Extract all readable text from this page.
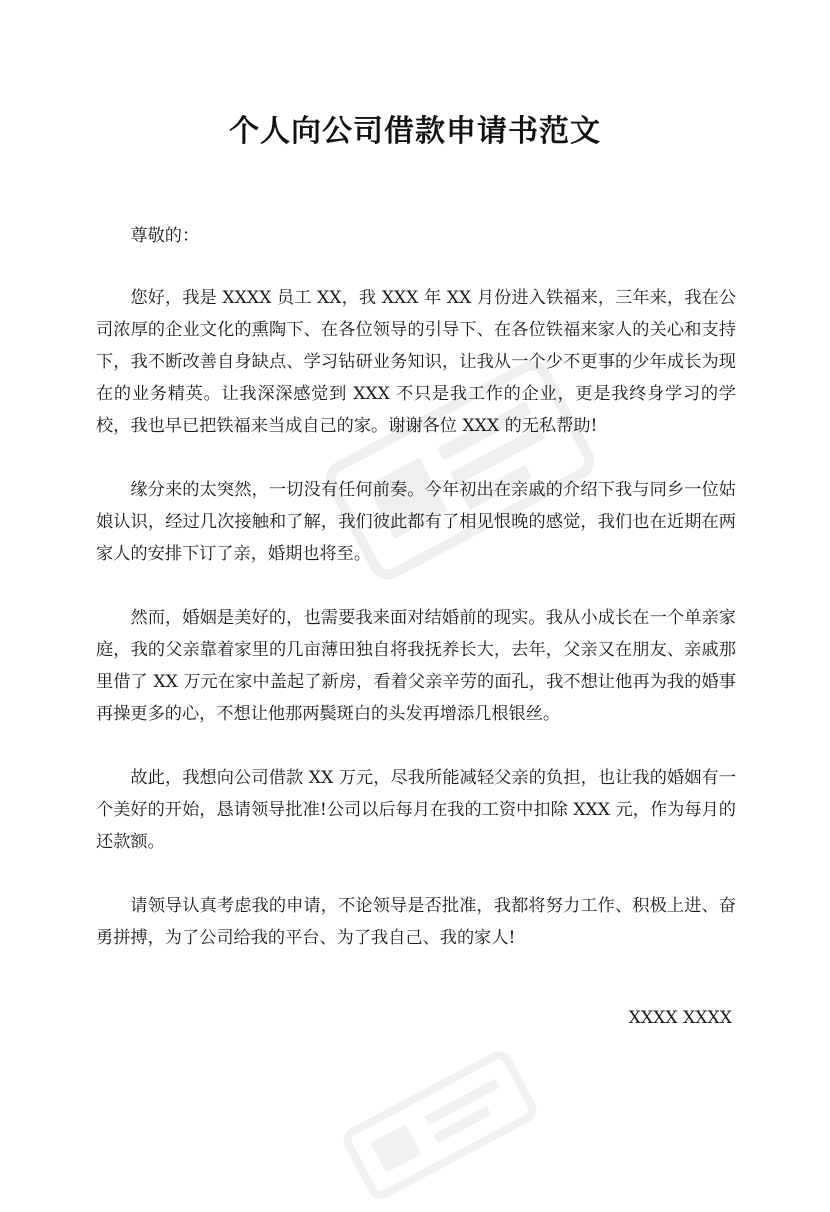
个人向公司借款申请书范文

尊敬的：

您好，我是 XXXX 员工 XX，我 XXX 年 XX 月份进入铁福来，三年来，我在公司浓厚的企业文化的熏陶下、在各位领导的引导下、在各位铁福来家人的关心和支持下，我不断改善自身缺点、学习钻研业务知识，让我从一个少不更事的少年成长为现在的业务精英。让我深深感觉到 XXX 不只是我工作的企业，更是我终身学习的学校，我也早已把铁福来当成自己的家。谢谢各位 XXX 的无私帮助!

缘分来的太突然，一切没有任何前奏。今年初出在亲戚的介绍下我与同乡一位姑娘认识，经过几次接触和了解，我们彼此都有了相见恨晚的感觉，我们也在近期在两家人的安排下订了亲，婚期也将至。

然而，婚姻是美好的，也需要我来面对结婚前的现实。我从小成长在一个单亲家庭，我的父亲靠着家里的几亩薄田独自将我抚养长大，去年，父亲又在朋友、亲戚那里借了 XX 万元在家中盖起了新房，看着父亲辛劳的面孔，我不想让他再为我的婚事再操更多的心，不想让他那两鬓斑白的头发再增添几根银丝。

故此，我想向公司借款 XX 万元，尽我所能减轻父亲的负担，也让我的婚姻有一个美好的开始，恳请领导批准!公司以后每月在我的工资中扣除 XXX 元，作为每月的还款额。

请领导认真考虑我的申请，不论领导是否批准，我都将努力工作、积极上进、奋勇拼搏，为了公司给我的平台、为了我自己、我的家人!

XXXX XXXX
